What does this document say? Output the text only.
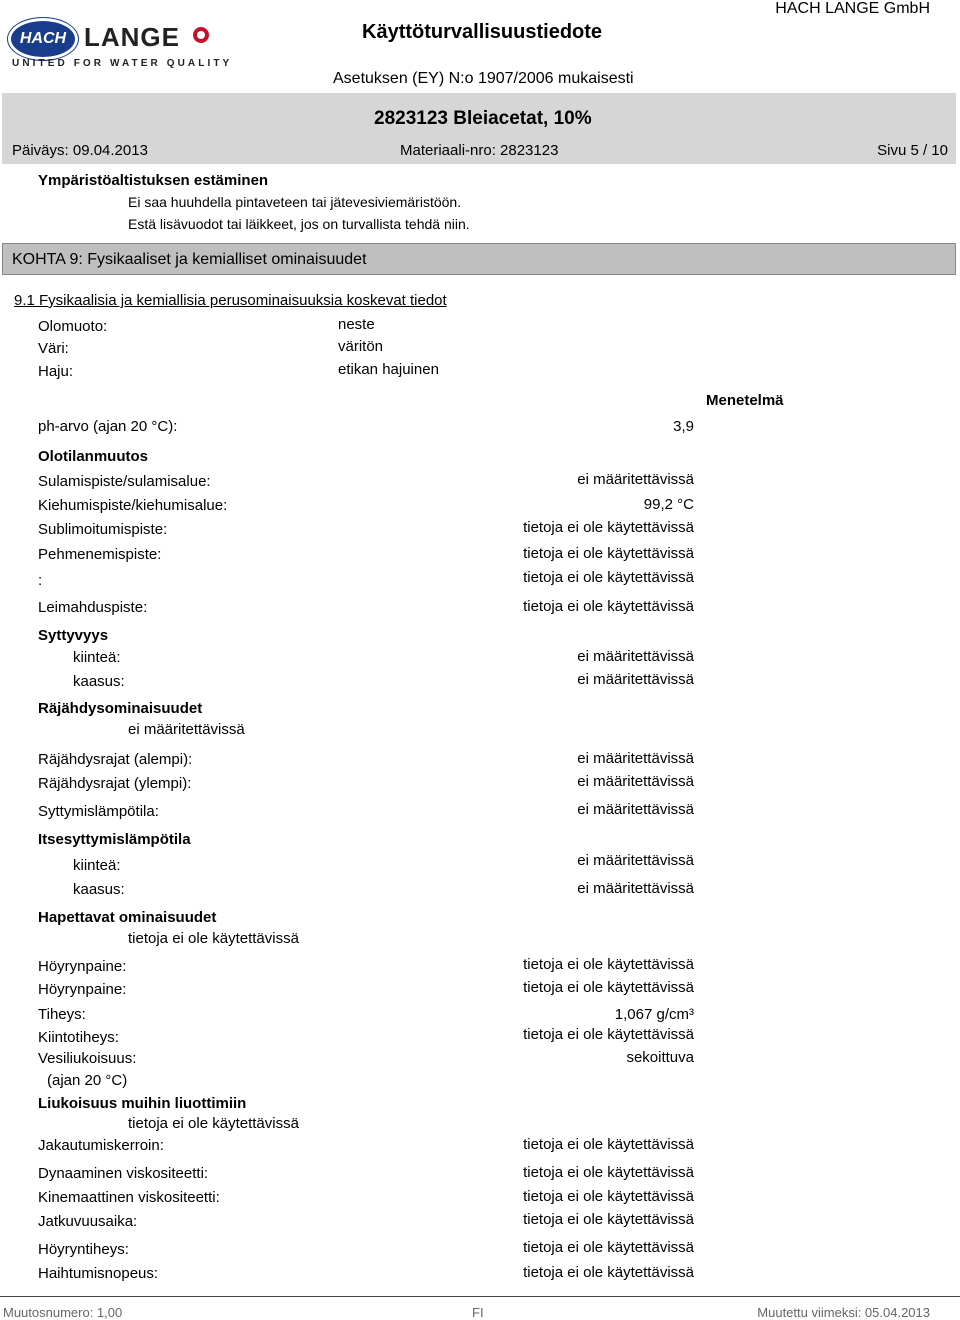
HACH LANGE
UNITED FOR WATER QUALITY
Käyttöturvallisuustiedote
HACH LANGE GmbH
Asetuksen (EY) N:o 1907/2006 mukaisesti
2823123 Bleiacetat, 10%
Päiväys: 09.04.2013	Materiaali-nro: 2823123	Sivu 5 / 10
Ympäristöaltistuksen estäminen
Ei saa huuhdella pintaveteen tai jätevesiviemäristöön.
Estä lisävuodot tai läikkeet, jos on turvallista tehdä niin.
KOHTA 9: Fysikaaliset ja kemialliset ominaisuudet
9.1 Fysikaalisia ja kemiallisia perusominaisuuksia koskevat tiedot
Olomuoto:	neste
Väri:	väritön
Haju:	etikan hajuinen
Menetelmä
ph-arvo (ajan 20 °C):	3,9
Olotilanmuutos
Sulamispiste/sulamisalue:	ei määritettävissä
Kiehumispiste/kiehumisalue:	99,2 °C
Sublimoitumispiste:	tietoja ei ole käytettävissä
Pehmenemispiste:	tietoja ei ole käytettävissä
:	tietoja ei ole käytettävissä
Leimahduspiste:	tietoja ei ole käytettävissä
Syttyvyys
kiinteä:	ei määritettävissä
kaasus:	ei määritettävissä
Räjähdysominaisuudet
ei määritettävissä
Räjähdysrajat (alempi):	ei määritettävissä
Räjähdysrajat (ylempi):	ei määritettävissä
Syttymislämpötila:	ei määritettävissä
Itsesyttymislämpötila
kiinteä:	ei määritettävissä
kaasus:	ei määritettävissä
Hapettavat ominaisuudet
tietoja ei ole käytettävissä
Höyrynpaine:	tietoja ei ole käytettävissä
Höyrynpaine:	tietoja ei ole käytettävissä
Tiheys:	1,067 g/cm³
Kiintotiheys:	tietoja ei ole käytettävissä
Vesiliukoisuus:	sekoittuva
(ajan 20 °C)
Liukoisuus muihin liuottimiin
tietoja ei ole käytettävissä
Jakautumiskerroin:	tietoja ei ole käytettävissä
Dynaaminen viskositeetti:	tietoja ei ole käytettävissä
Kinemaattinen viskositeetti:	tietoja ei ole käytettävissä
Jatkuvuusaika:	tietoja ei ole käytettävissä
Höyryntiheys:	tietoja ei ole käytettävissä
Haihtumisnopeus:	tietoja ei ole käytettävissä
Muutosnumero: 1,00	FI	Muutettu viimeksi: 05.04.2013
